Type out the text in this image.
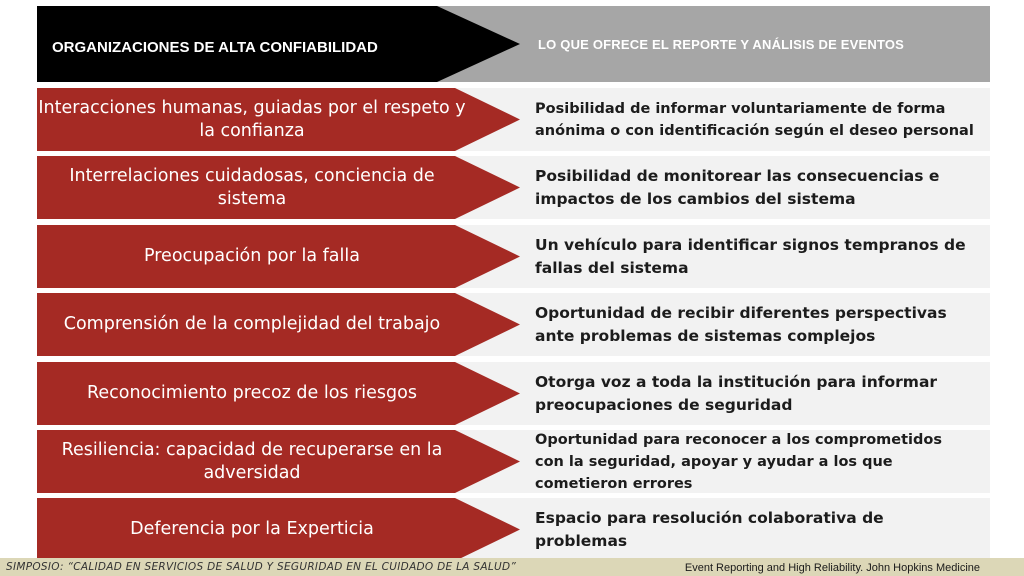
LO QUE OFRECE EL REPORTE Y ANÁLISIS DE EVENTOS
ORGANIZACIONES DE ALTA CONFIABILIDAD
Interacciones humanas, guiadas por el respeto y la confianza
Posibilidad de informar voluntariamente de forma anónima o con identificación según el deseo personal
Interrelaciones cuidadosas, conciencia de sistema
Posibilidad de monitorear las consecuencias e impactos de los cambios del sistema
Preocupación por la falla
Un vehículo para identificar signos tempranos de fallas del sistema
Comprensión de la complejidad del trabajo
Oportunidad de recibir diferentes perspectivas ante problemas de sistemas complejos
Reconocimiento precoz de los riesgos
Otorga voz a toda la institución para informar preocupaciones de seguridad
Resiliencia: capacidad de recuperarse en la adversidad
Oportunidad para reconocer a los comprometidos con la seguridad, apoyar y ayudar a los que cometieron errores
Deferencia por la Experticia
Espacio para resolución colaborativa de problemas
SIMPOSIO: “CALIDAD EN SERVICIOS DE SALUD Y SEGURIDAD EN EL CUIDADO DE LA SALUD”	Event Reporting and High Reliability. John Hopkins Medicine
